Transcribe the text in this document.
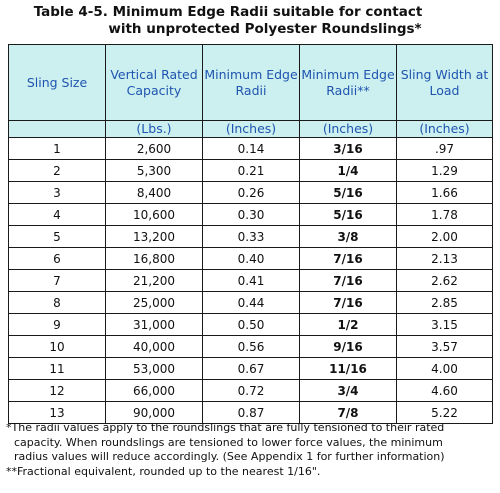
Table 4-5. Minimum Edge Radii suitable for contact
with unprotected Polyester Roundslings*
Sling Size	Vertical Rated Capacity	Minimum Edge Radii	Minimum Edge Radii**	Sling Width at Load
	(Lbs.)	(Inches)	(Inches)	(Inches)
1	2,600	0.14	3/16	.97
2	5,300	0.21	1/4	1.29
3	8,400	0.26	5/16	1.66
4	10,600	0.30	5/16	1.78
5	13,200	0.33	3/8	2.00
6	16,800	0.40	7/16	2.13
7	21,200	0.41	7/16	2.62
8	25,000	0.44	7/16	2.85
9	31,000	0.50	1/2	3.15
10	40,000	0.56	9/16	3.57
11	53,000	0.67	11/16	4.00
12	66,000	0.72	3/4	4.60
13	90,000	0.87	7/8	5.22

*The radii values apply to the roundslings that are fully tensioned to their rated

capacity. When roundslings are tensioned to lower force values, the minimum

radius values will reduce accordingly. (See Appendix 1 for further information)

**Fractional equivalent, rounded up to the nearest 1/16".
